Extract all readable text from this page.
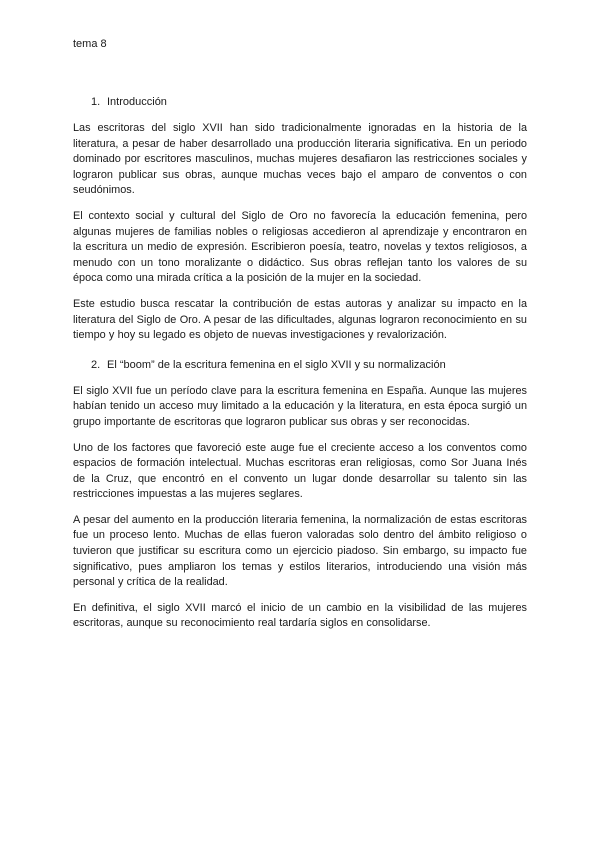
tema 8

1. Introducción

Las escritoras del siglo XVII han sido tradicionalmente ignoradas en la historia de la literatura, a pesar de haber desarrollado una producción literaria significativa. En un periodo dominado por escritores masculinos, muchas mujeres desafiaron las restricciones sociales y lograron publicar sus obras, aunque muchas veces bajo el amparo de conventos o con seudónimos.

El contexto social y cultural del Siglo de Oro no favorecía la educación femenina, pero algunas mujeres de familias nobles o religiosas accedieron al aprendizaje y encontraron en la escritura un medio de expresión. Escribieron poesía, teatro, novelas y textos religiosos, a menudo con un tono moralizante o didáctico. Sus obras reflejan tanto los valores de su época como una mirada crítica a la posición de la mujer en la sociedad.

Este estudio busca rescatar la contribución de estas autoras y analizar su impacto en la literatura del Siglo de Oro. A pesar de las dificultades, algunas lograron reconocimiento en su tiempo y hoy su legado es objeto de nuevas investigaciones y revalorización.

2. El “boom” de la escritura femenina en el siglo XVII y su normalización

El siglo XVII fue un período clave para la escritura femenina en España. Aunque las mujeres habían tenido un acceso muy limitado a la educación y la literatura, en esta época surgió un grupo importante de escritoras que lograron publicar sus obras y ser reconocidas.

Uno de los factores que favoreció este auge fue el creciente acceso a los conventos como espacios de formación intelectual. Muchas escritoras eran religiosas, como Sor Juana Inés de la Cruz, que encontró en el convento un lugar donde desarrollar su talento sin las restricciones impuestas a las mujeres seglares.

A pesar del aumento en la producción literaria femenina, la normalización de estas escritoras fue un proceso lento. Muchas de ellas fueron valoradas solo dentro del ámbito religioso o tuvieron que justificar su escritura como un ejercicio piadoso. Sin embargo, su impacto fue significativo, pues ampliaron los temas y estilos literarios, introduciendo una visión más personal y crítica de la realidad.

En definitiva, el siglo XVII marcó el inicio de un cambio en la visibilidad de las mujeres escritoras, aunque su reconocimiento real tardaría siglos en consolidarse.
